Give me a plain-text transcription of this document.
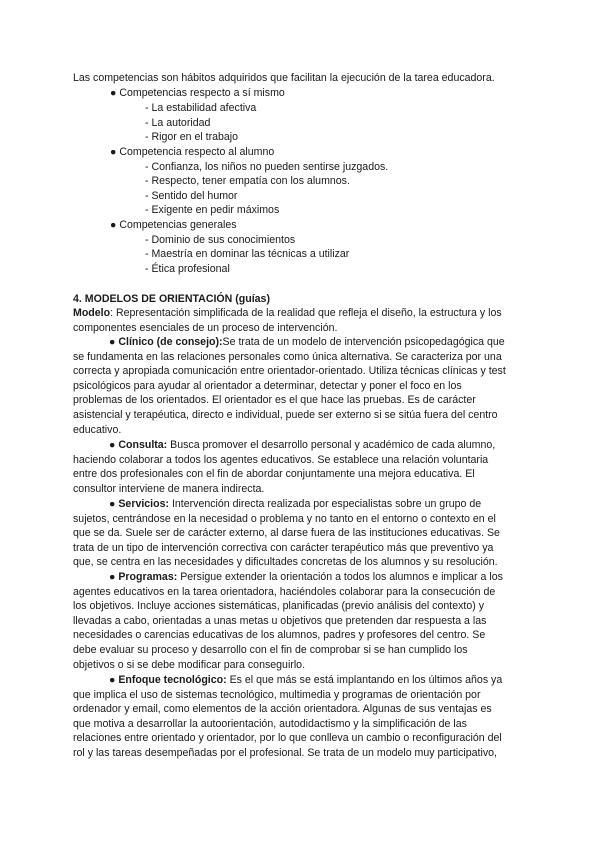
Las competencias son hábitos adquiridos que facilitan la ejecución de la tarea educadora.
● Competencias respecto a sí mismo
- La estabilidad afectiva
- La autoridad
- Rigor en el trabajo
● Competencia respecto al alumno
- Confianza, los niños no pueden sentirse juzgados.
- Respecto, tener empatía con los alumnos.
- Sentido del humor
- Exigente en pedir máximos
● Competencias generales
- Dominio de sus conocimientos
- Maestría en dominar las técnicas a utilizar
- Ética profesional
4. MODELOS DE ORIENTACIÓN (guías)
Modelo: Representación simplificada de la realidad que refleja el diseño, la estructura y los
componentes esenciales de un proceso de intervención.
● Clínico (de consejo):Se trata de un modelo de intervención psicopedagógica que
se fundamenta en las relaciones personales como única alternativa. Se caracteriza por una
correcta y apropiada comunicación entre orientador-orientado. Utiliza técnicas clínicas y test
psicológicos para ayudar al orientador a determinar, detectar y poner el foco en los
problemas de los orientados. El orientador es el que hace las pruebas. Es de carácter
asistencial y terapéutica, directo e individual, puede ser externo si se sitúa fuera del centro
educativo.
● Consulta: Busca promover el desarrollo personal y académico de cada alumno,
haciendo colaborar a todos los agentes educativos. Se establece una relación voluntaria
entre dos profesionales con el fin de abordar conjuntamente una mejora educativa. El
consultor interviene de manera indirecta.
● Servicios: Intervención directa realizada por especialistas sobre un grupo de
sujetos, centrándose en la necesidad o problema y no tanto en el entorno o contexto en el
que se da. Suele ser de carácter externo, al darse fuera de las instituciones educativas. Se
trata de un tipo de intervención correctiva con carácter terapéutico más que preventivo ya
que, se centra en las necesidades y dificultades concretas de los alumnos y su resolución.
● Programas: Persigue extender la orientación a todos los alumnos e implicar a los
agentes educativos en la tarea orientadora, haciéndoles colaborar para la consecución de
los objetivos. Incluye acciones sistemáticas, planificadas (previo análisis del contexto) y
llevadas a cabo, orientadas a unas metas u objetivos que pretenden dar respuesta a las
necesidades o carencias educativas de los alumnos, padres y profesores del centro. Se
debe evaluar su proceso y desarrollo con el fin de comprobar si se han cumplido los
objetivos o si se debe modificar para conseguirlo.
● Enfoque tecnológico: Es el que más se está implantando en los últimos años ya
que implica el uso de sistemas tecnológico, multimedia y programas de orientación por
ordenador y email, como elementos de la acción orientadora. Algunas de sus ventajas es
que motiva a desarrollar la autoorientación, autodidactismo y la simplificación de las
relaciones entre orientado y orientador, por lo que conlleva un cambio o reconfiguración del
rol y las tareas desempeñadas por el profesional. Se trata de un modelo muy participativo,
